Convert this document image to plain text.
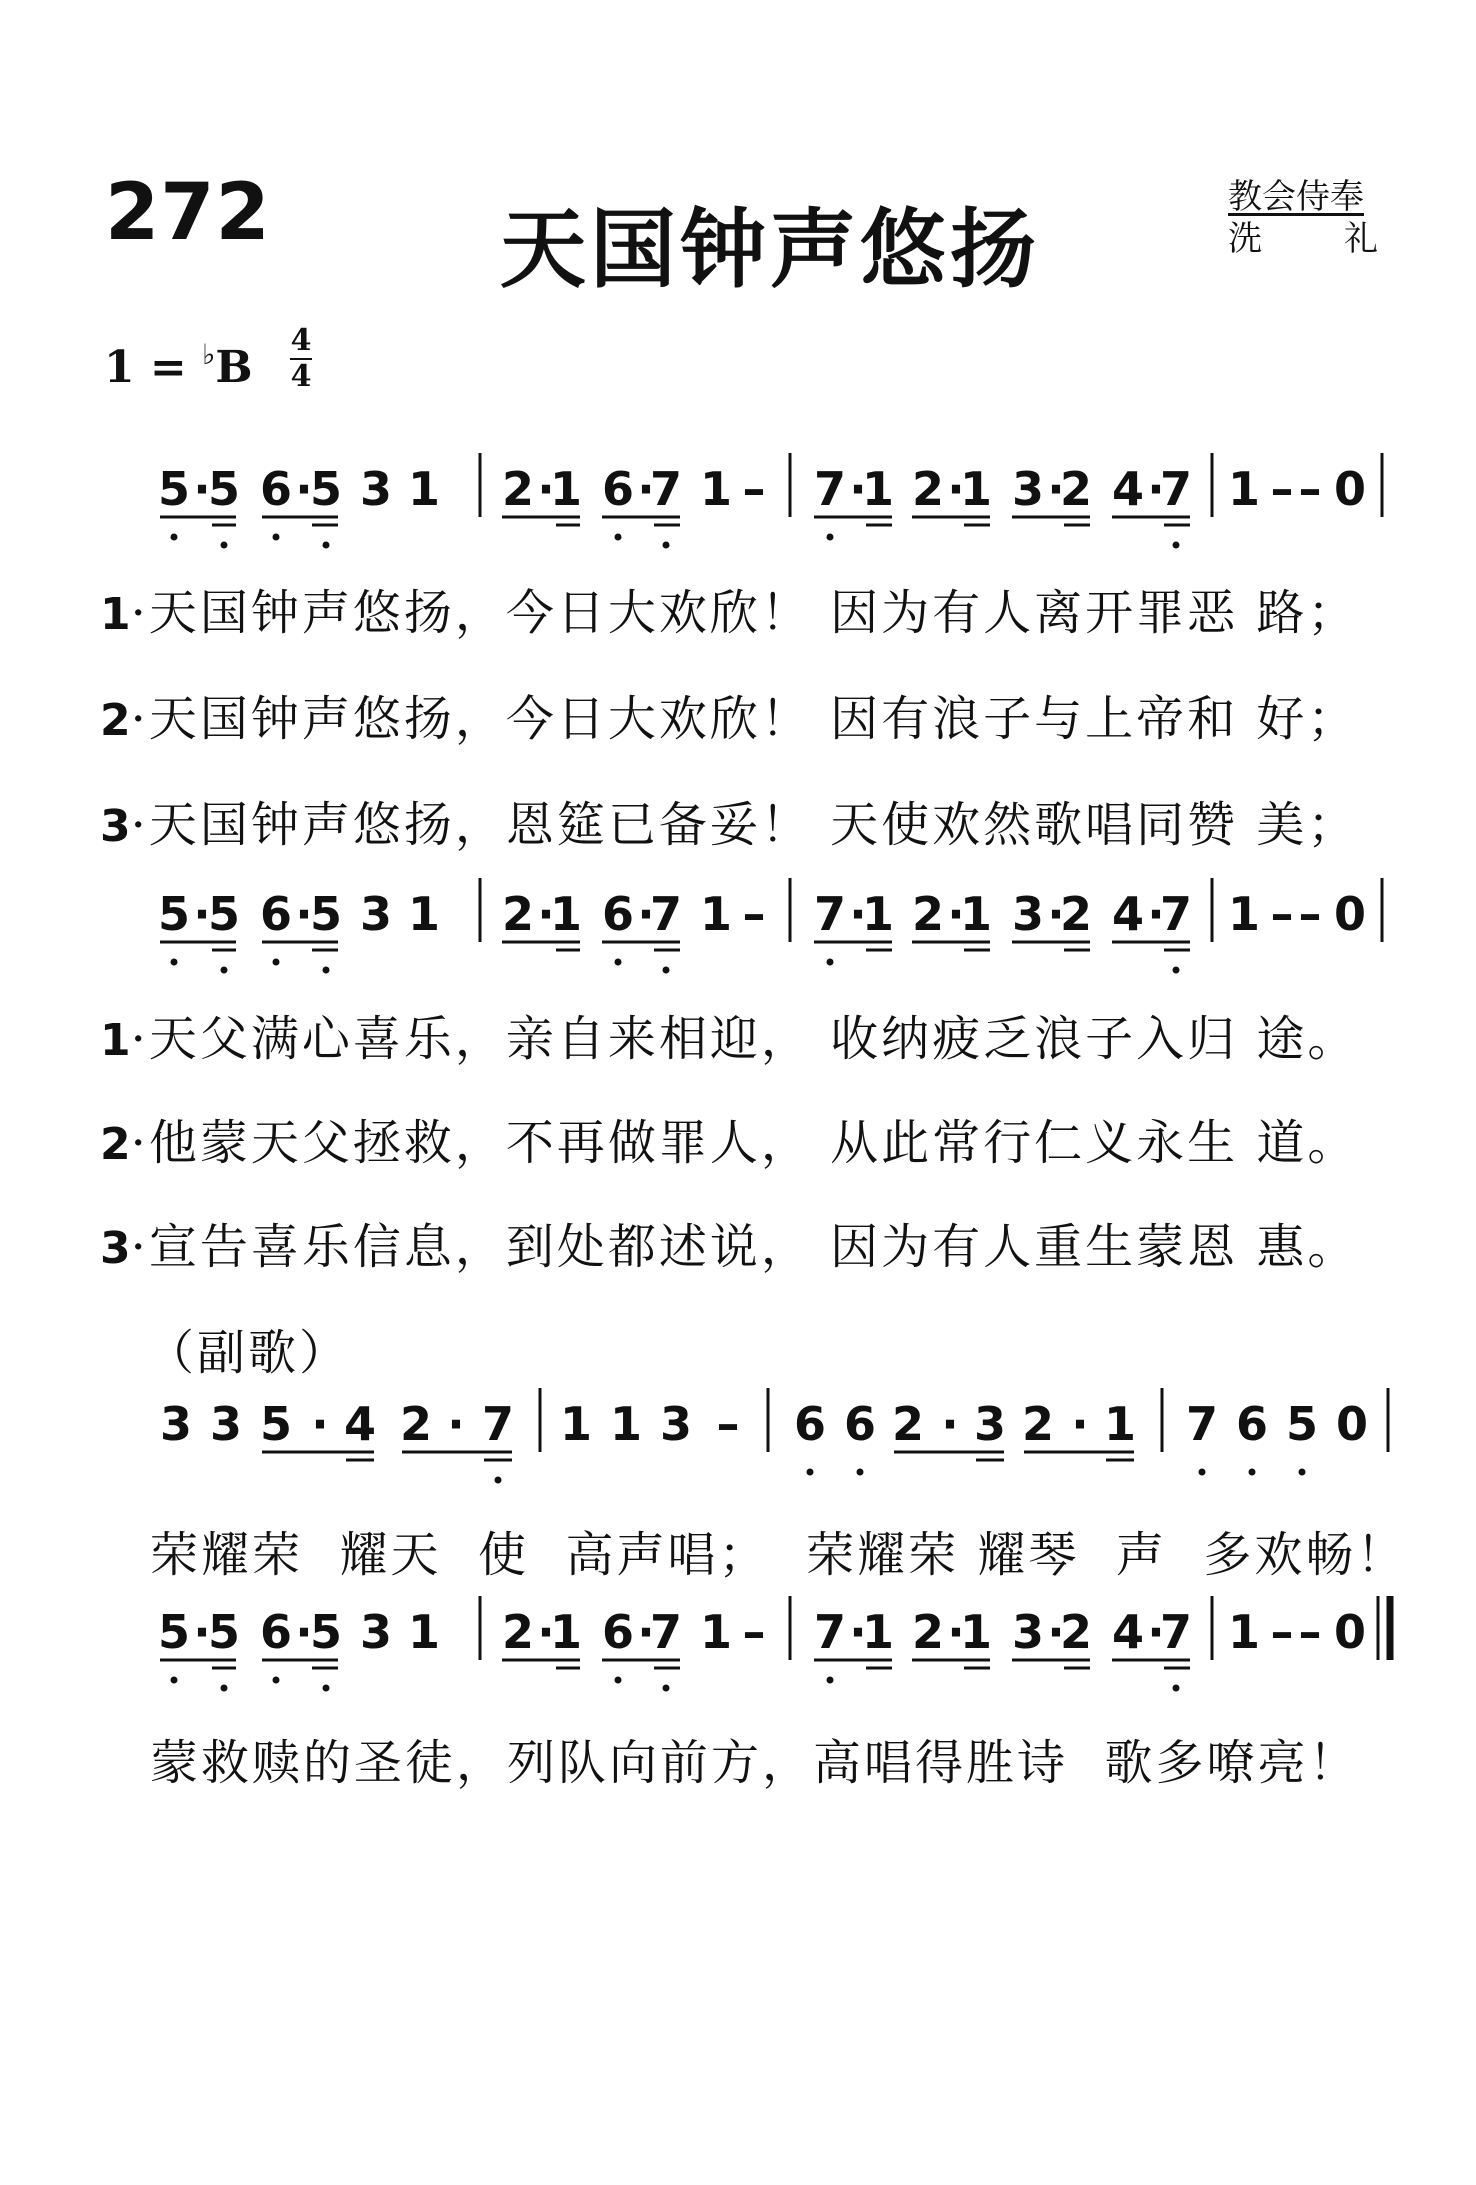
272	天国钟声悠扬
教会侍奉
洗 礼
1 = ♭B
4
4
5 ·
5 6 ·
5 3 1 2 ·
1 6 ·
7 1 – 7 ·
1 2 ·
1 3 ·
2 4 ·
7 1 – – 0
5 ·
5 6 ·
5 3 1 2 ·
1 6 ·
7 1 – 7 ·
1 2 ·
1 3 ·
2 4 ·
7 1 – – 0
5 ·
5 6 ·
5 3 1 2 ·
1 6 ·
7 1 – 7 ·
1 2 ·
1 3 ·
2 4 ·
7 1 – – 0
3 3 5 · 4 2 · 7 1 1 3 – 6 6 2 · 3 2 · 1 7 6 5 0
1·天国钟声悠扬，今日大欢欣！ 因为有人离开罪恶 路；
2·天国钟声悠扬，今日大欢欣！ 因有浪子与上帝和 好；
3·天国钟声悠扬，恩筵已备妥！ 天使欢然歌唱同赞 美；
1·天父满心喜乐，亲自来相迎， 收纳疲乏浪子入归 途。
2·他蒙天父拯救，不再做罪人， 从此常行仁义永生 道。
3·宣告喜乐信息，到处都述说， 因为有人重生蒙恩 惠。
（副歌）
荣耀荣  耀天  使  高声唱；  荣耀荣 耀琴  声  多欢畅！
蒙救赎的圣徒，列队向前方，高唱得胜诗  歌多嘹亮！
